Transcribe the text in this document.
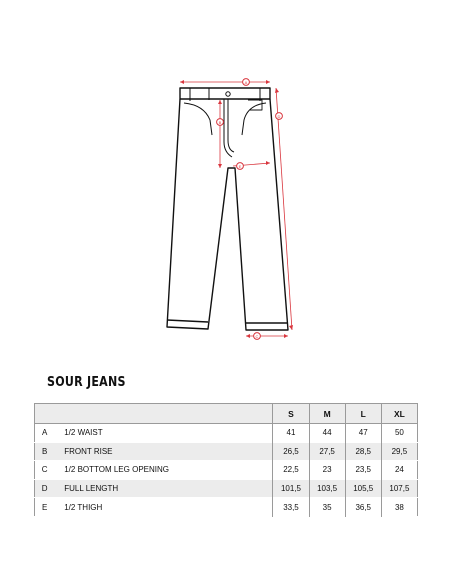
A
B
D
E
C
SOUR JEANS
		S	M	L	XL
A	1/2 WAIST	41	44	47	50
B	FRONT RISE	26,5	27,5	28,5	29,5
C	1/2 BOTTOM LEG OPENING	22,5	23	23,5	24
D	FULL LENGTH	101,5	103,5	105,5	107,5
E	1/2 THIGH	33,5	35	36,5	38
